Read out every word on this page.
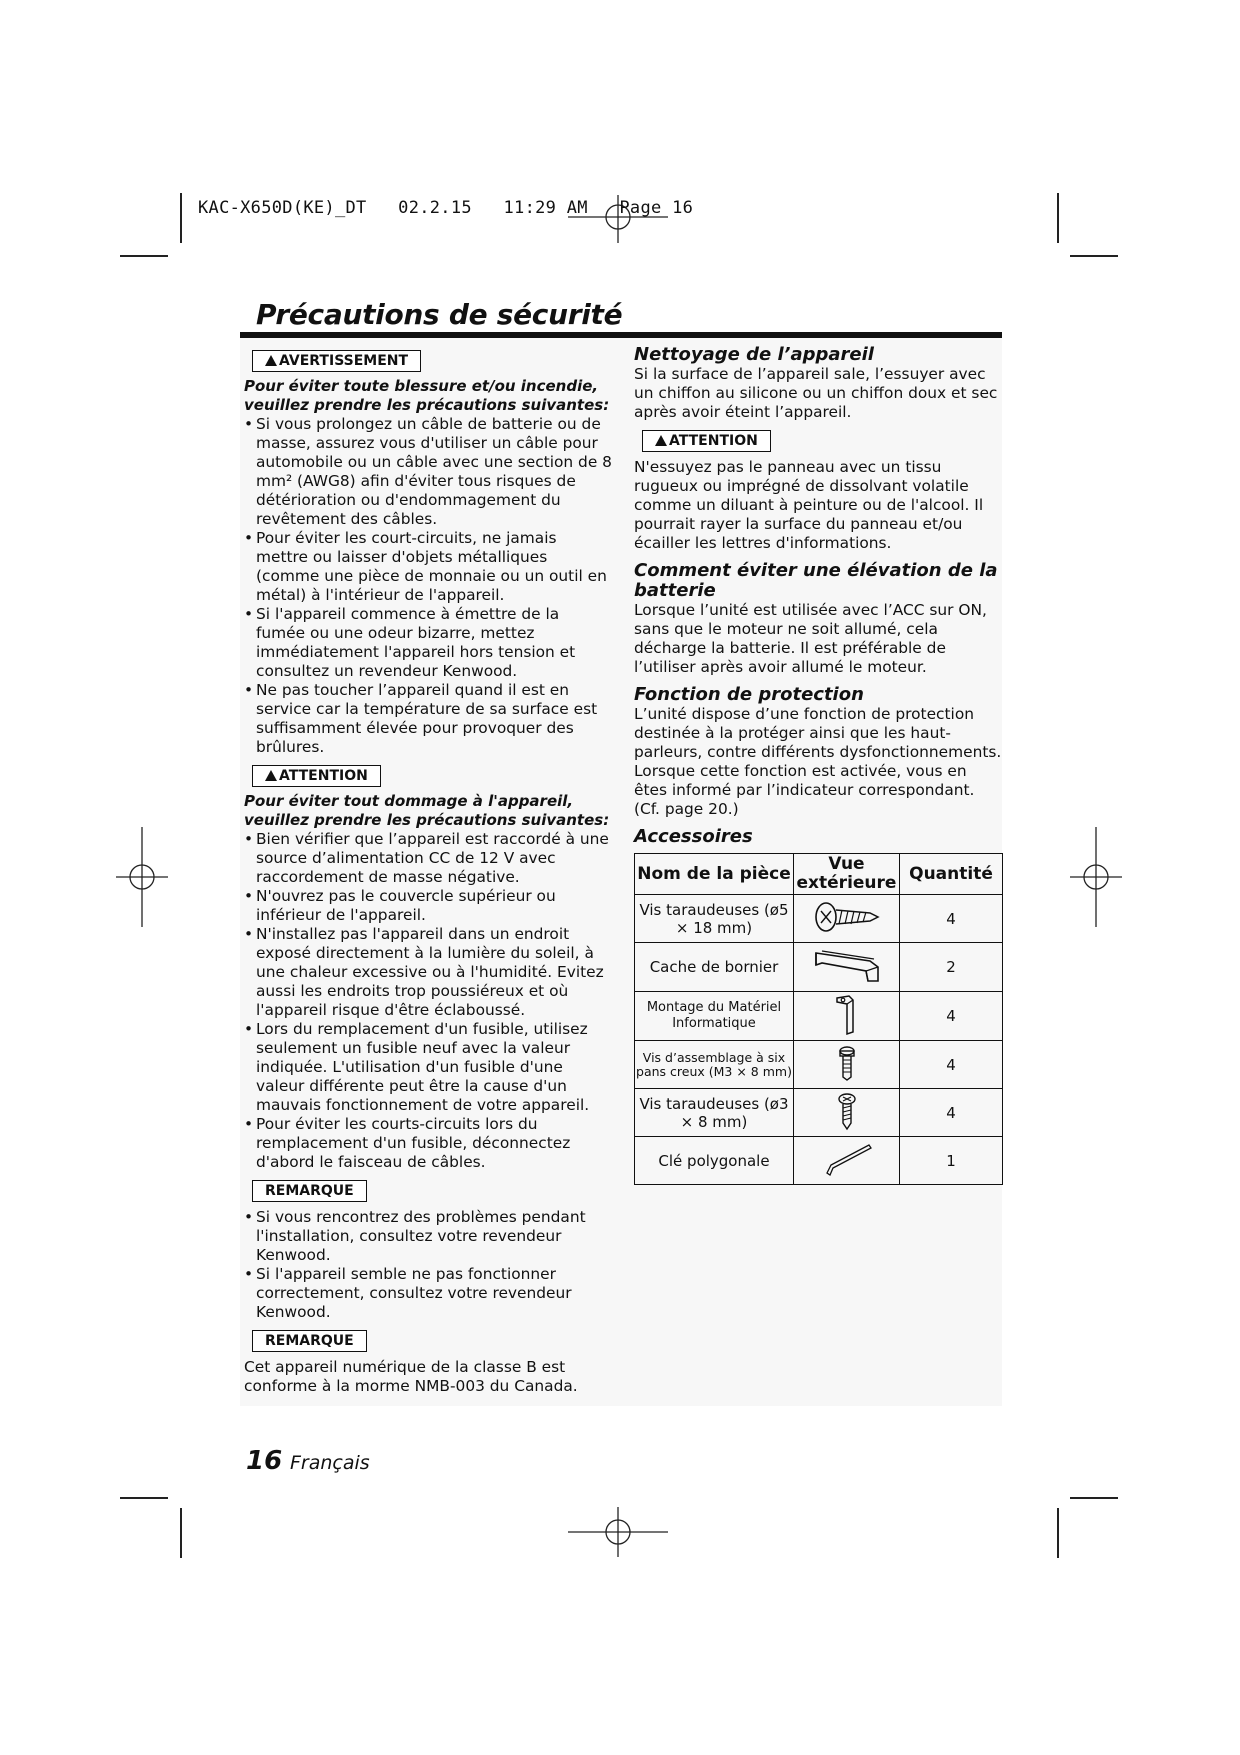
KAC-X650D(KE)_DT   02.2.15   11:29 AM   Page 16
Précautions de sécurité
AVERTISSEMENT
Pour éviter toute blessure et/ou incendie, veuillez prendre les précautions suivantes:
• Si vous prolongez un câble de batterie ou de masse, assurez vous d'utiliser un câble pour automobile ou un câble avec une section de 8 mm² (AWG8) afin d'éviter tous risques de détérioration ou d'endommagement du revêtement des câbles.
• Pour éviter les court-circuits, ne jamais mettre ou laisser d'objets métalliques (comme une pièce de monnaie ou un outil en métal) à l'intérieur de l'appareil.
• Si l'appareil commence à émettre de la fumée ou une odeur bizarre, mettez immédiatement l'appareil hors tension et consultez un revendeur Kenwood.
• Ne pas toucher l’appareil quand il est en service car la température de sa surface est suffisamment élevée pour provoquer des brûlures.
ATTENTION
Pour éviter tout dommage à l'appareil, veuillez prendre les précautions suivantes:
• Bien vérifier que l’appareil est raccordé à une source d’alimentation CC de 12 V avec raccordement de masse négative.
• N'ouvrez pas le couvercle supérieur ou inférieur de l'appareil.
• N'installez pas l'appareil dans un endroit exposé directement à la lumière du soleil, à une chaleur excessive ou à l'humidité. Evitez aussi les endroits trop poussiéreux et où l'appareil risque d'être éclaboussé.
• Lors du remplacement d'un fusible, utilisez seulement un fusible neuf avec la valeur indiquée. L'utilisation d'un fusible d'une valeur différente peut être la cause d'un mauvais fonctionnement de votre appareil.
• Pour éviter les courts-circuits lors du remplacement d'un fusible, déconnectez d'abord le faisceau de câbles.
REMARQUE
• Si vous rencontrez des problèmes pendant l'installation, consultez votre revendeur Kenwood.
• Si l'appareil semble ne pas fonctionner correctement, consultez votre revendeur Kenwood.
REMARQUE

Cet appareil numérique de la classe B est conforme à la morme NMB-003 du Canada.

Nettoyage de l’appareil

Si la surface de l’appareil sale, l’essuyer avec un chiffon au silicone ou un chiffon doux et sec après avoir éteint l’appareil.

ATTENTION

N'essuyez pas le panneau avec un tissu rugueux ou imprégné de dissolvant volatile comme un diluant à peinture ou de l'alcool. Il pourrait rayer la surface du panneau et/ou écailler les lettres d'informations.

Comment éviter une élévation de la batterie

Lorsque l’unité est utilisée avec l’ACC sur ON, sans que le moteur ne soit allumé, cela décharge la batterie. Il est préférable de l’utiliser après avoir allumé le moteur.

Fonction de protection

L’unité dispose d’une fonction de protection destinée à la protéger ainsi que les haut-parleurs, contre différents dysfonctionnements. Lorsque cette fonction est activée, vous en êtes informé par l’indicateur correspondant. (Cf. page 20.)

Accessoires
Nom de la pièce	Vue extérieure	Quantité
Vis taraudeuses (ø5 × 18 mm)		4
Cache de bornier		2
Montage du Matériel Informatique		4
Vis d’assemblage à six pans creux (M3 × 8 mm)		4
Vis taraudeuses (ø3 × 8 mm)		4
Clé polygonale		1
16 Français
